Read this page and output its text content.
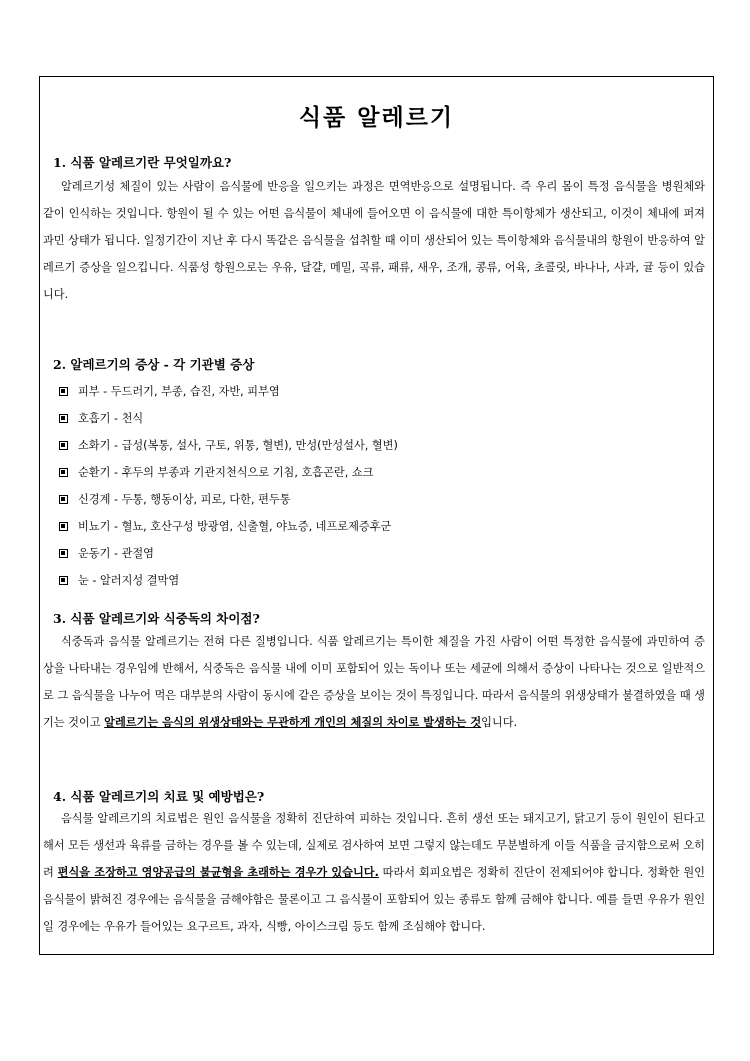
식품 알레르기
1. 식품 알레르기란 무엇일까요?
알레르기성 체질이 있는 사람이 음식물에 반응을 일으키는 과정은 면역반응으로 설명됩니다. 즉 우리 몸이 특정 음식물을 병원체와 같이 인식하는 것입니다. 항원이 될 수 있는 어떤 음식물이 체내에 들어오면 이 음식물에 대한 특이항체가 생산되고, 이것이 체내에 퍼져 과민 상태가 됩니다. 일정기간이 지난 후 다시 똑같은 음식물을 섭취할 때 이미 생산되어 있는 특이항체와 음식물내의 항원이 반응하여 알레르기 증상을 일으킵니다. 식품성 항원으로는 우유, 달걀, 메밀, 곡류, 패류, 새우, 조개, 콩류, 어육, 초콜릿, 바나나, 사과, 귤 등이 있습니다.
2. 알레르기의 증상 - 각 기관별 증상
피부 - 두드러기, 부종, 습진, 자반, 피부염
호흡기 - 천식
소화기 - 급성(복통, 설사, 구토, 위통, 혈변), 만성(만성설사, 혈변)
순환기 - 후두의 부종과 기관지천식으로 기침, 호흡곤란, 쇼크
신경계 - 두통, 행동이상, 피로, 다한, 편두통
비뇨기 - 혈뇨, 호산구성 방광염, 신출혈, 야뇨증, 네프로제증후군
운동기 - 관절염
눈 - 알러지성 결막염
3. 식품 알레르기와 식중독의 차이점?
식중독과 음식물 알레르기는 전혀 다른 질병입니다. 식품 알레르기는 특이한 체질을 가진 사람이 어떤 특정한 음식물에 과민하여 증상을 나타내는 경우임에 반해서, 식중독은 음식물 내에 이미 포함되어 있는 독이나 또는 세균에 의해서 증상이 나타나는 것으로 일반적으로 그 음식물을 나누어 먹은 대부분의 사람이 동시에 같은 증상을 보이는 것이 특징입니다. 따라서 음식물의 위생상태가 불결하였을 때 생기는 것이고 알레르기는 음식의 위생상태와는 무관하게 개인의 체질의 차이로 발생하는 것입니다.
4. 식품 알레르기의 치료 및 예방법은?
음식물 알레르기의 치료법은 원인 음식물을 정확히 진단하여 피하는 것입니다. 흔히 생선 또는 돼지고기, 닭고기 등이 원인이 된다고 해서 모든 생선과 육류를 금하는 경우를 볼 수 있는데, 실제로 검사하여 보면 그렇지 않는데도 무분별하게 이들 식품을 금지함으로써 오히려 편식을 조장하고 영양공급의 불균형을 초래하는 경우가 있습니다. 따라서 회피요법은 정확히 진단이 전제되어야 합니다. 정확한 원인 음식물이 밝혀진 경우에는 음식물을 금해야함은 물론이고 그 음식물이 포함되어 있는 종류도 함께 금해야 합니다. 예를 들면 우유가 원인일 경우에는 우유가 들어있는 요구르트, 과자, 식빵, 아이스크림 등도 함께 조심해야 합니다.
